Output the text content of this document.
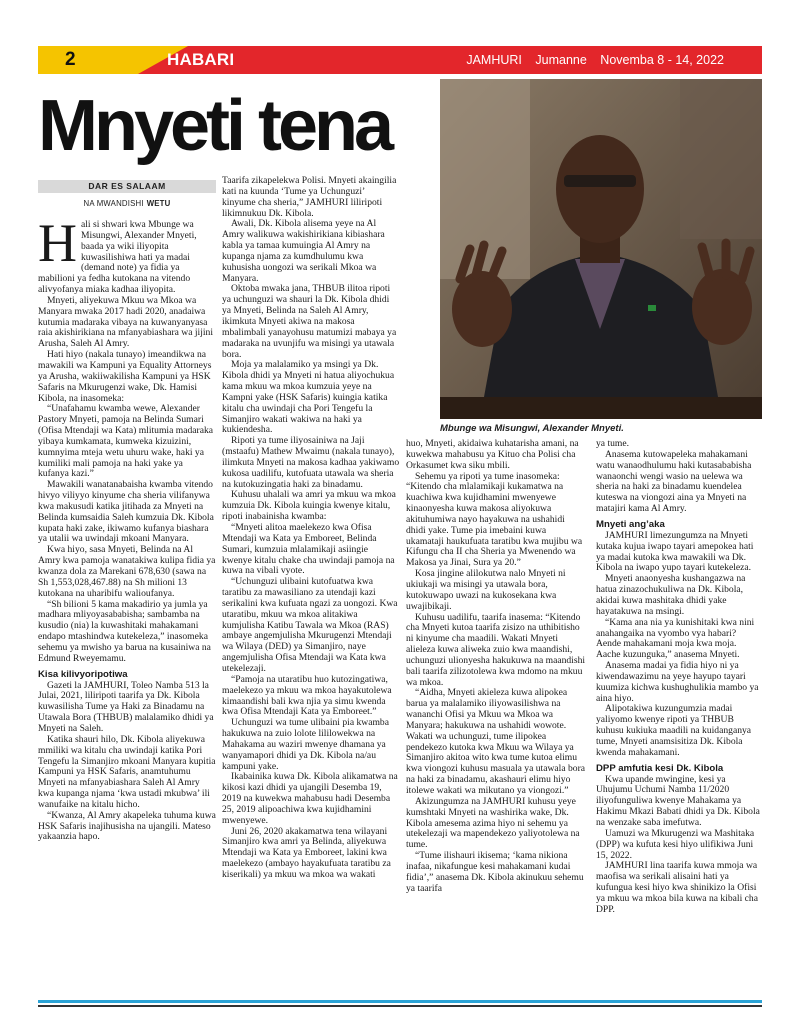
2	HABARI	JAMHURI Jumanne Novemba 8 - 14, 2022
Mnyeti tena
Mbunge wa Misungwi, Alexander Mnyeti.
DAR ES SALAAM
NA MWANDISHI WETU

Hali si shwari kwa Mbunge wa Misungwi, Alexander Mnyeti, baada ya wiki iliyopita kuwasilishiwa hati ya madai (demand note) ya fidia ya mabilioni ya fedha kutokana na vitendo alivyofanya miaka kadhaa iliyopita.

Mnyeti, aliyekuwa Mkuu wa Mkoa wa Manyara mwaka 2017 hadi 2020, anadaiwa kutumia madaraka vibaya na kuwanyanyasa raia akishirikiana na mfanyabiashara wa jijini Arusha, Saleh Al Amry.

Hati hiyo (nakala tunayo) imeandikwa na mawakili wa Kampuni ya Equality Attorneys ya Arusha, wakiiwakilisha Kampuni ya HSK Safaris na Mkurugenzi wake, Dk. Hamisi Kibola, na inasomeka:

“Unafahamu kwamba wewe, Alexander Pastory Mnyeti, pamoja na Belinda Sumari (Ofisa Mtendaji wa Kata) mlitumia madaraka yibaya kumkamata, kumweka kizuizini, kumnyima mteja wetu uhuru wake, haki ya kumiliki mali pamoja na haki yake ya kufanya kazi.”

Mawakili wanatanabaisha kwamba vitendo hivyo viliyyo kinyume cha sheria vilifanywa kwa makusudi katika jitihada za Mnyeti na Belinda kumsaidia Saleh kumzuia Dk. Kibola kupata haki zake, ikiwamo kufanya biashara ya utalii wa uwindaji mkoani Manyara.

Kwa hiyo, sasa Mnyeti, Belinda na Al Amry kwa pamoja wanatakiwa kulipa fidia ya kwanza dola za Marekani 678,630 (sawa na Sh 1,553,028,467.88) na Sh milioni 13 kutokana na uharibifu walioufanya.

“Sh bilioni 5 kama makadirio ya jumla ya madhara mliyoyasababisha; sambamba na kusudio (nia) la kuwashitaki mahakamani endapo mtashindwa kutekeleza,” inasomeka sehemu ya mwisho ya barua na kusainiwa na Edmund Rweyemamu.

Kisa kilivyoripotiwa

Gazeti la JAMHURI, Toleo Namba 513 la Julai, 2021, liliripoti taarifa ya Dk. Kibola kuwasilisha Tume ya Haki za Binadamu na Utawala Bora (THBUB) malalamiko dhidi ya Mnyeti na Saleh.

Katika shauri hilo, Dk. Kibola aliyekuwa mmiliki wa kitalu cha uwindaji katika Pori Tengefu la Simanjiro mkoani Manyara kupitia Kampuni ya HSK Safaris, anamtuhumu Mnyeti na mfanyabiashara Saleh Al Amry kwa kupanga njama ‘kwa ustadi mkubwa’ ili wanufaike na kitalu hicho.

“Kwanza, Al Amry akapeleka tuhuma kuwa HSK Safaris inajihusisha na ujangili. Mateso yakaanzia hapo.

Taarifa zikapelekwa Polisi. Mnyeti akaingilia kati na kuunda ‘Tume ya Uchunguzi’ kinyume cha sheria,” JAMHURI liliripoti likimnukuu Dk. Kibola.

Awali, Dk. Kibola alisema yeye na Al Amry walikuwa wakishirikiana kibiashara kabla ya tamaa kumuingia Al Amry na kupanga njama za kumdhulumu kwa kuhusisha uongozi wa serikali Mkoa wa Manyara.

Oktoba mwaka jana, THBUB ilitoa ripoti ya uchunguzi wa shauri la Dk. Kibola dhidi ya Mnyeti, Belinda na Saleh Al Amry, ikimkuta Mnyeti akiwa na makosa mbalimbali yanayohusu matumizi mabaya ya madaraka na uvunjifu wa misingi ya utawala bora.

Moja ya malalamiko ya msingi ya Dk. Kibola dhidi ya Mnyeti ni hatua aliyochukua kama mkuu wa mkoa kumzuia yeye na Kampni yake (HSK Safaris) kuingia katika kitalu cha uwindaji cha Pori Tengefu la Simanjiro wakati wakiwa na haki ya kukiendesha.

Ripoti ya tume iliyosainiwa na Jaji (mstaafu) Mathew Mwaimu (nakala tunayo), ilimkuta Mnyeti na makosa kadhaa yakiwamo kukosa uadilifu, kutofuata utawala wa sheria na kutokuzingatia haki za binadamu.

Kuhusu uhalali wa amri ya mkuu wa mkoa kumzuia Dk. Kibola kuingia kwenye kitalu, ripoti inabainisha kwamba:

“Mnyeti alitoa maelekezo kwa Ofisa Mtendaji wa Kata ya Emboreet, Belinda Sumari, kumzuia mlalamikaji asiingie kwenye kitalu chake cha uwindaji pamoja na kuwa na vibali vyote.

“Uchunguzi ulibaini kutofuatwa kwa taratibu za mawasiliano za utendaji kazi serikalini kwa kufuata ngazi za uongozi. Kwa utaratibu, mkuu wa mkoa alitakiwa kumjulisha Katibu Tawala wa Mkoa (RAS) ambaye angemjulisha Mkurugenzi Mtendaji wa Wilaya (DED) ya Simanjiro, naye angemjulisha Ofisa Mtendaji wa Kata kwa utekelezaji.

“Pamoja na utaratibu huo kutozingatiwa, maelekezo ya mkuu wa mkoa hayakutolewa kimaandishi bali kwa njia ya simu kwenda kwa Ofisa Mtendaji Kata ya Emboreet.”

Uchunguzi wa tume ulibaini pia kwamba hakukuwa na zuio lolote lililowekwa na Mahakama au waziri mwenye dhamana ya wanyamapori dhidi ya Dk. Kibola na/au kampuni yake.

Ikabainika kuwa Dk. Kibola alikamatwa na kikosi kazi dhidi ya ujangili Desemba 19, 2019 na kuwekwa mahabusu hadi Desemba 25, 2019 alipoachiwa kwa kujidhamini mwenyewe.

Juni 26, 2020 akakamatwa tena wilayani Simanjiro kwa amri ya Belinda, aliyekuwa Mtendaji wa Kata ya Emboreet, lakini kwa maelekezo (ambayo hayakufuata taratibu za kiserikali) ya mkuu wa mkoa wa wakati

huo, Mnyeti, akidaiwa kuhatarisha amani, na kuwekwa mahabusu ya Kituo cha Polisi cha Orkasumet kwa siku mbili.

Sehemu ya ripoti ya tume inasomeka: “Kitendo cha mlalamikaji kukamatwa na kuachiwa kwa kujidhamini mwenyewe kinaonyesha kuwa makosa aliyokuwa akituhumiwa nayo hayakuwa na ushahidi dhidi yake. Tume pia imebaini kuwa ukamataji haukufuata taratibu kwa mujibu wa Kifungu cha II cha Sheria ya Mwenendo wa Makosa ya Jinai, Sura ya 20.”

Kosa jingine alilokutwa nalo Mnyeti ni ukiukaji wa misingi ya utawala bora, kutokuwapo uwazi na kukosekana kwa uwajibikaji.

Kuhusu uadilifu, taarifa inasema: “Kitendo cha Mnyeti kutoa taarifa zisizo na uthibitisho ni kinyume cha maadili. Wakati Mnyeti alieleza kuwa aliweka zuio kwa maandishi, uchunguzi ulionyesha hakukuwa na maandishi bali taarifa zilizotolewa kwa mdomo na mkuu wa mkoa.

“Aidha, Mnyeti akieleza kuwa alipokea barua ya malalamiko iliyowasilishwa na wananchi Ofisi ya Mkuu wa Mkoa wa Manyara; hakukuwa na ushahidi wowote. Wakati wa uchunguzi, tume ilipokea pendekezo kutoka kwa Mkuu wa Wilaya ya Simanjiro akitoa wito kwa tume kutoa elimu kwa viongozi kuhusu masuala ya utawala bora na haki za binadamu, akashauri elimu hiyo itolewe wakati wa mikutano ya viongozi.”

Akizungumza na JAMHURI kuhusu yeye kumshtaki Mnyeti na washirika wake, Dk. Kibola amesema azima hiyo ni sehemu ya utekelezaji wa mapendekezo yaliyotolewa na tume.

“Tume ilishauri ikisema; ‘kama nikiona inafaa, nikafungue kesi mahakamani kudai fidia’,” anasema Dk. Kibola akinukuu sehemu ya taarifa

ya tume.

Anasema kutowapeleka mahakamani watu wanaodhulumu haki kutasababisha wanaonchi wengi wasio na uelewa wa sheria na haki za binadamu kuendelea kuteswa na viongozi aina ya Mnyeti na matajiri kama Al Amry.

Mnyeti ang’aka

JAMHURI limezungumza na Mnyeti kutaka kujua iwapo tayari amepokea hati ya madai kutoka kwa mawakili wa Dk. Kibola na iwapo yupo tayari kutekeleza.

Mnyeti anaonyesha kushangazwa na hatua zinazochukuliwa na Dk. Kibola, akidai kuwa mashitaka dhidi yake hayatakuwa na msingi.

“Kama ana nia ya kunishitaki kwa nini anahangaika na vyombo vya habari? Aende mahakamani moja kwa moja. Aache kuzunguka,” anasema Mnyeti.

Anasema madai ya fidia hiyo ni ya kiwendawazimu na yeye hayupo tayari kuumiza kichwa kushughulikia mambo ya aina hiyo.

Alipotakiwa kuzungumzia madai yaliyomo kwenye ripoti ya THBUB kuhusu kukiuka maadili na kuidanganya tume, Mnyeti anamsisitiza Dk. Kibola kwenda mahakamani.

DPP amfutia kesi Dk. Kibola

Kwa upande mwingine, kesi ya Uhujumu Uchumi Namba 11/2020 iliyofunguliwa kwenye Mahakama ya Hakimu Mkazi Babati dhidi ya Dk. Kibola na wenzake saba imefutwa.

Uamuzi wa Mkurugenzi wa Mashitaka (DPP) wa kufuta kesi hiyo ulifikiwa Juni 15, 2022.

JAMHURI lina taarifa kuwa mmoja wa maofisa wa serikali alisaini hati ya kufungua kesi hiyo kwa shinikizo la Ofisi ya mkuu wa mkoa bila kuwa na kibali cha DPP.
